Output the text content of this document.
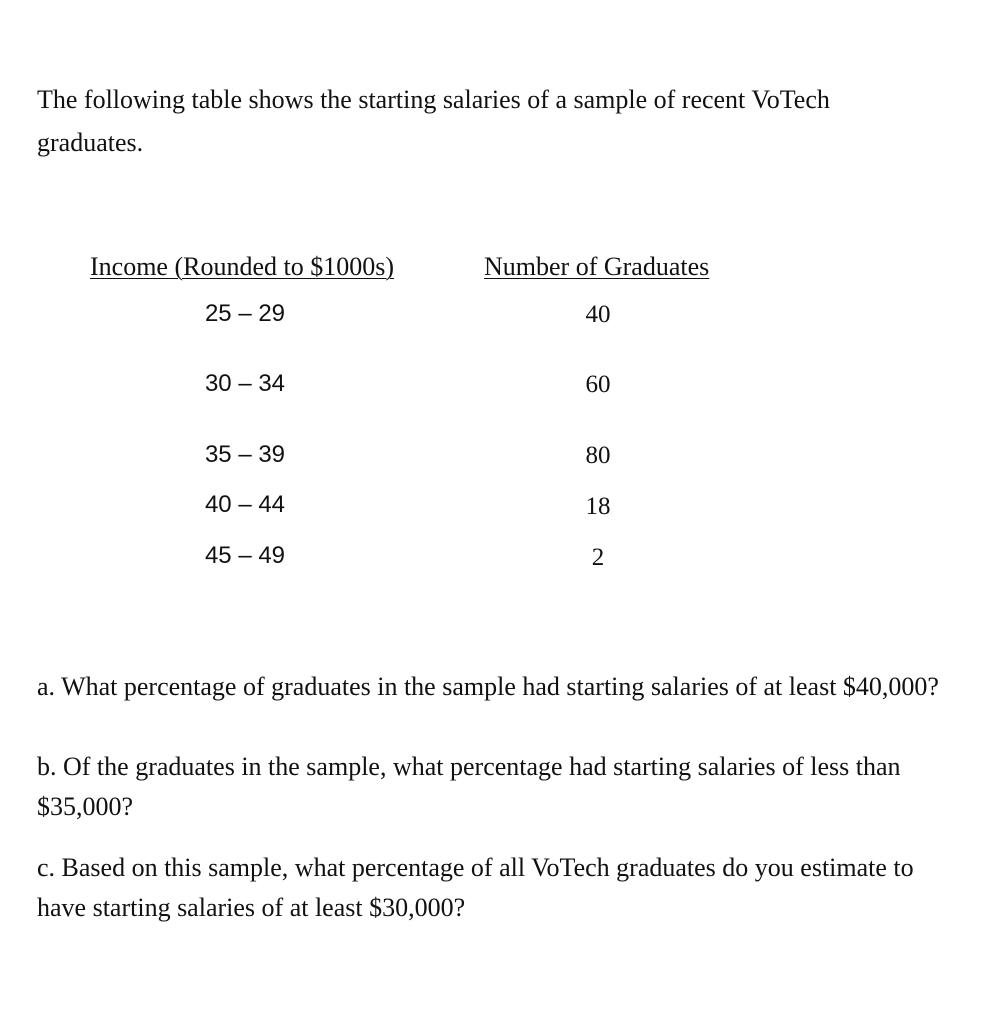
The following table shows the starting salaries of a sample of recent VoTech graduates.

Income (Rounded to $1000s)	Number of Graduates
25 – 29	40
30 – 34	60
35 – 39	80
40 – 44	18
45 – 49	2

a. What percentage of graduates in the sample had starting salaries of at least $40,000?

b. Of the graduates in the sample, what percentage had starting salaries of less than $35,000?

c. Based on this sample, what percentage of all VoTech graduates do you estimate to have starting salaries of at least $30,000?
